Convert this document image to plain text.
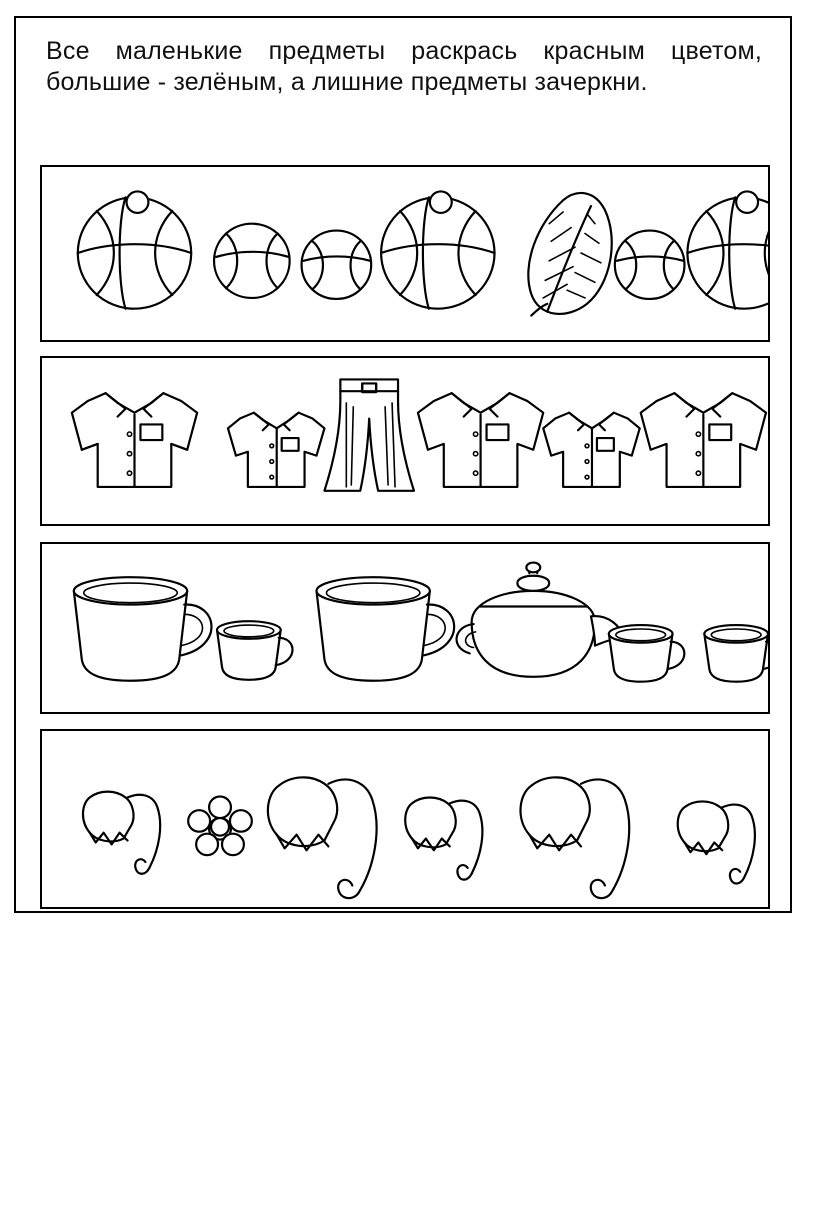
Все маленькие предметы раскрась красным цветом, большие - зелёным, а лишние предметы зачеркни.
